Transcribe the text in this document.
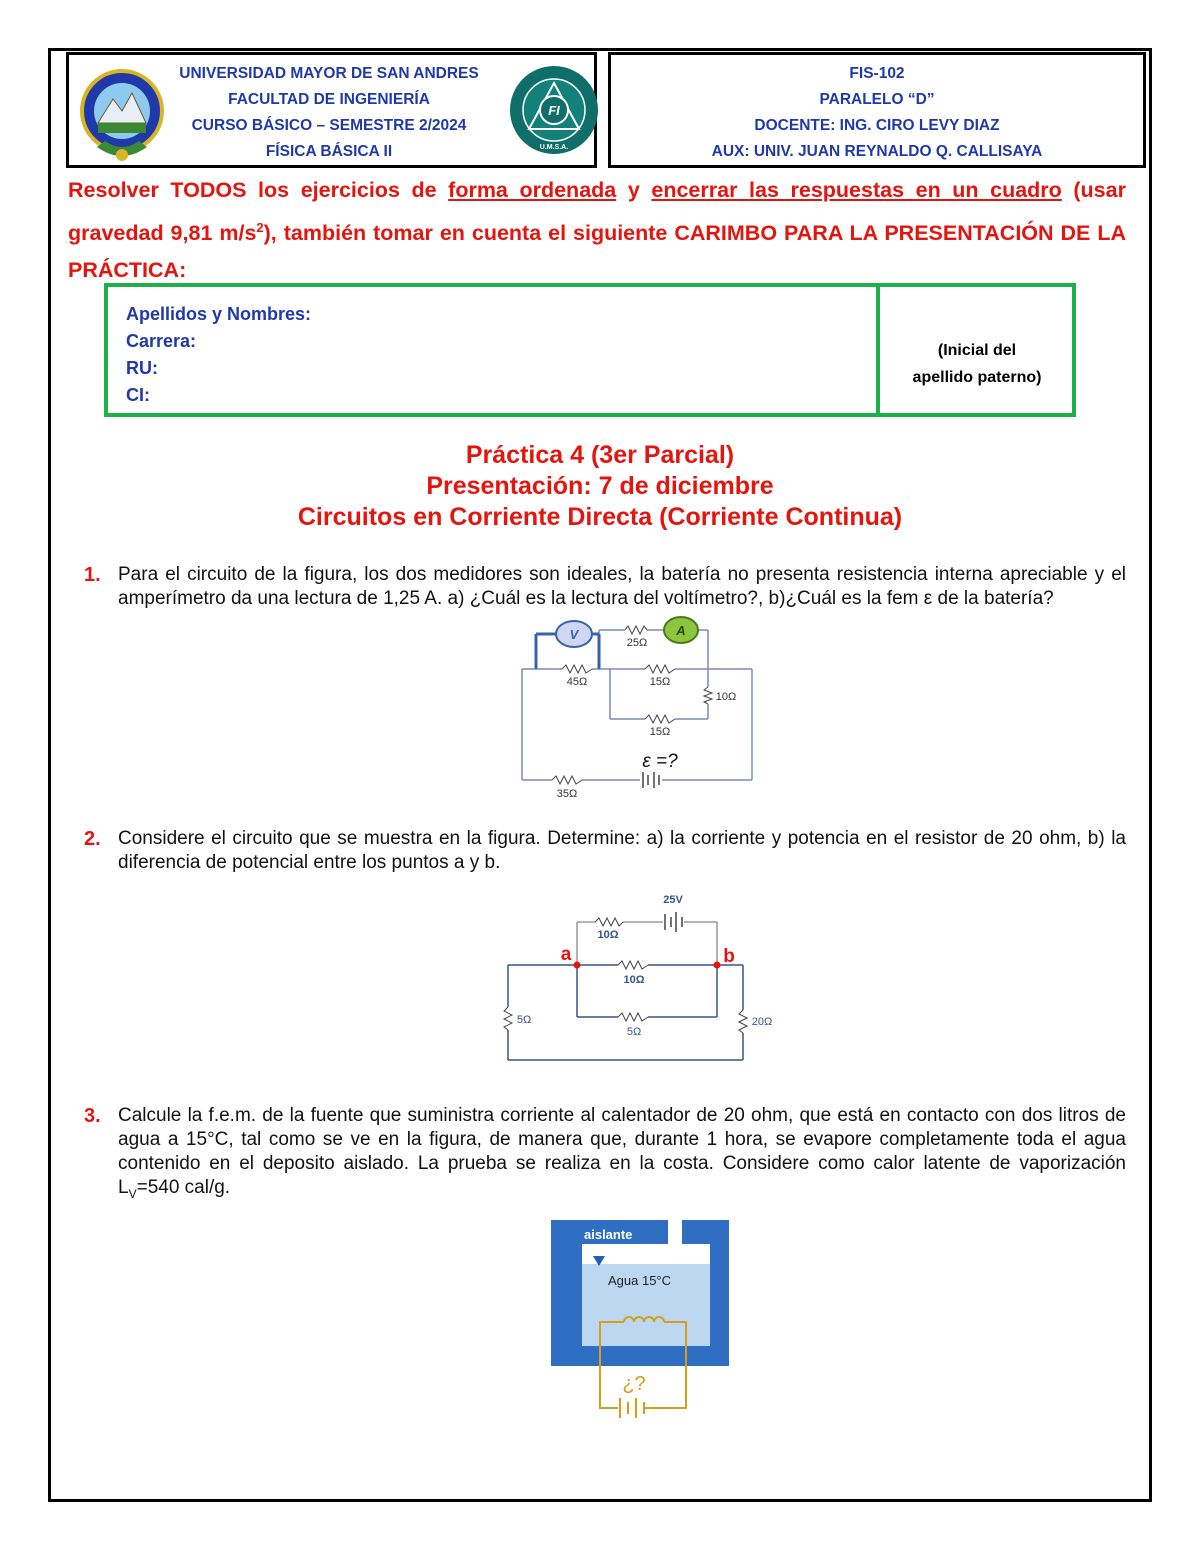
UNIVERSIDAD MAYOR DE SAN ANDRES
FACULTAD DE INGENIERÍA
CURSO BÁSICO – SEMESTRE 2/2024
FÍSICA BÁSICA II
FI
U.M.S.A.
FIS-102
PARALELO “D”
DOCENTE: ING. CIRO LEVY DIAZ
AUX: UNIV. JUAN REYNALDO Q. CALLISAYA
Resolver TODOS los ejercicios de forma ordenada y encerrar las respuestas en un cuadro (usar gravedad 9,81 $m/s^2$), también tomar en cuenta el siguiente CARIMBO PARA LA PRESENTACIÓN DE LA PRÁCTICA:
Apellidos y Nombres:
Carrera:
RU:
CI:
(Inicial del
apellido paterno)
Práctica 4 (3er Parcial)
Presentación: 7 de diciembre
Circuitos en Corriente Directa (Corriente Continua)
1. Para el circuito de la figura, los dos medidores son ideales, la batería no presenta resistencia interna apreciable y el amperímetro da una lectura de 1,25 A. a) ¿Cuál es la lectura del voltímetro?, b)¿Cuál es la fem ε de la batería?
V	A
25Ω
45Ω	15Ω
10Ω
15Ω
35Ω
ε =?
2. Considere el circuito que se muestra en la figura. Determine: a) la corriente y potencia en el resistor de 20 ohm, b) la diferencia de potencial entre los puntos a y b.
a	b
25V
10Ω
10Ω
5Ω
5Ω	20Ω
3. Calcule la f.e.m. de la fuente que suministra corriente al calentador de 20 ohm, que está en contacto con dos litros de agua a 15°C, tal como se ve en la figura, de manera que, durante 1 hora, se evapore completamente toda el agua contenido en el deposito aislado. La prueba se realiza en la costa. Considere como calor latente de vaporización $L_V=540$ cal/g.
aislante
Agua 15°C
¿?
